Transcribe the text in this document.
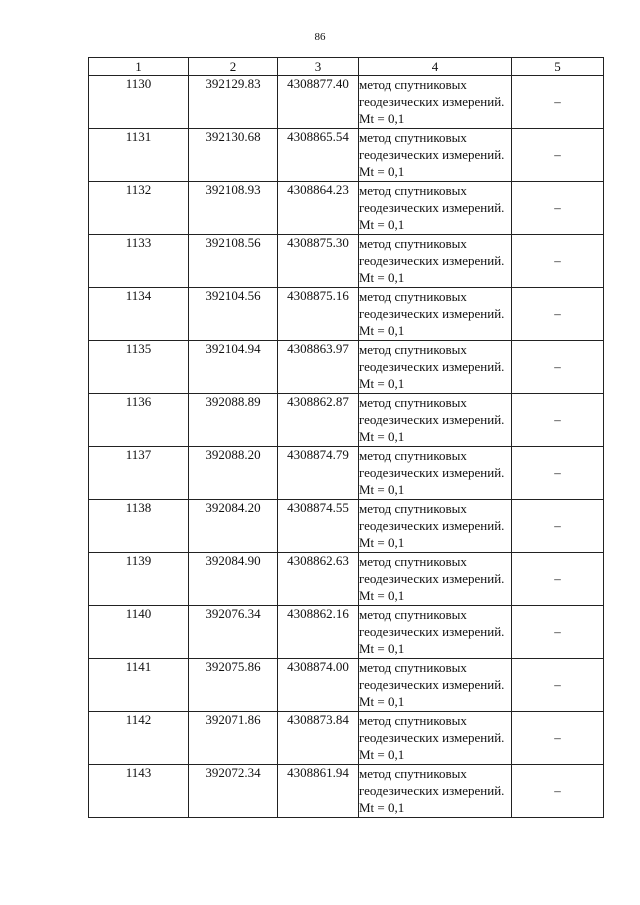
86
1	2	3	4	5
1130	392129.83	4308877.40	метод спутниковых геодезических измерений. Mt = 0,1	–
1131	392130.68	4308865.54	метод спутниковых геодезических измерений. Mt = 0,1	–
1132	392108.93	4308864.23	метод спутниковых геодезических измерений. Mt = 0,1	–
1133	392108.56	4308875.30	метод спутниковых геодезических измерений. Mt = 0,1	–
1134	392104.56	4308875.16	метод спутниковых геодезических измерений. Mt = 0,1	–
1135	392104.94	4308863.97	метод спутниковых геодезических измерений. Mt = 0,1	–
1136	392088.89	4308862.87	метод спутниковых геодезических измерений. Mt = 0,1	–
1137	392088.20	4308874.79	метод спутниковых геодезических измерений. Mt = 0,1	–
1138	392084.20	4308874.55	метод спутниковых геодезических измерений. Mt = 0,1	–
1139	392084.90	4308862.63	метод спутниковых геодезических измерений. Mt = 0,1	–
1140	392076.34	4308862.16	метод спутниковых геодезических измерений. Mt = 0,1	–
1141	392075.86	4308874.00	метод спутниковых геодезических измерений. Mt = 0,1	–
1142	392071.86	4308873.84	метод спутниковых геодезических измерений. Mt = 0,1	–
1143	392072.34	4308861.94	метод спутниковых геодезических измерений. Mt = 0,1	–
